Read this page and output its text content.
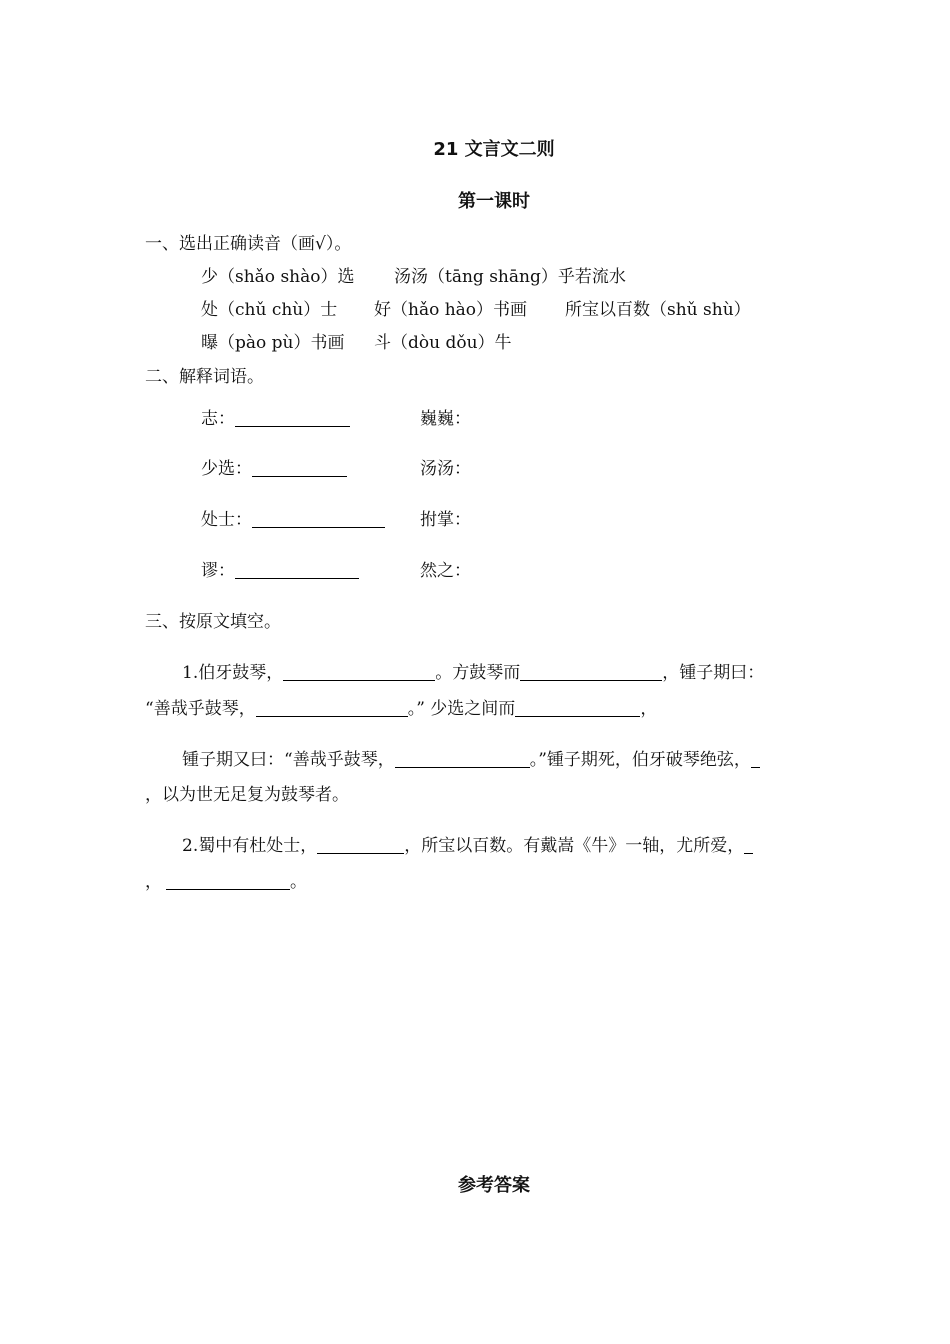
21 文言文二则
第一课时
一、选出正确读音（画√）。
少（shǎo shào）选 汤汤（tāng shāng）乎若流水
处（chǔ chù）士 好（hǎo hào）书画 所宝以百数（shǔ shù）
曝（pào pù）书画 斗（dòu dǒu）牛
二、解释词语。
志：	巍巍：
少选：	汤汤：
处士：	拊掌：
谬：	然之：
三、按原文填空。
1.伯牙鼓琴，	。方鼓琴而	，锺子期曰：
“善哉乎鼓琴，	。” 少选之间而	，
锺子期又曰：“善哉乎鼓琴，	。”锺子期死，伯牙破琴绝弦，
，以为世无足复为鼓琴者。
2.蜀中有杜处士，	，所宝以百数。有戴嵩《牛》一轴，尤所爱，
，	。
参考答案
